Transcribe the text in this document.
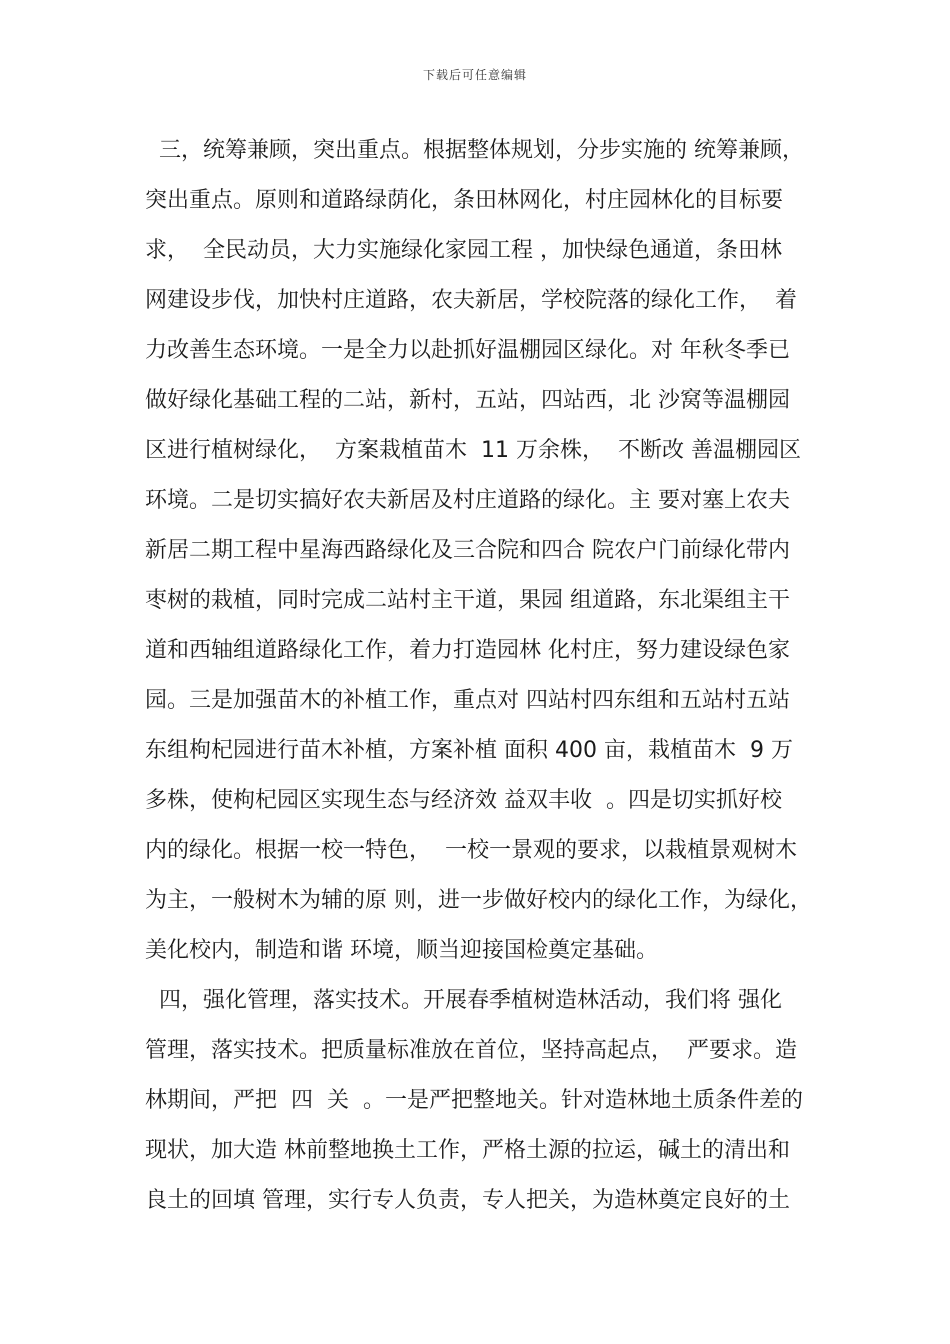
下载后可任意编辑
三，统筹兼顾，突出重点。根据整体规划，分步实施的 统筹兼顾，
突出重点。原则和道路绿荫化，条田林网化，村庄园林化的目标要
求，  全民动员，大力实施绿化家园工程 ，加快绿色通道，条田林
网建设步伐，加快村庄道路，农夫新居，学校院落的绿化工作，  着
力改善生态环境。一是全力以赴抓好温棚园区绿化。对 年秋冬季已
做好绿化基础工程的二站，新村，五站，四站西，北 沙窝等温棚园
区进行植树绿化，  方案栽植苗木  11 万余株，  不断改 善温棚园区
环境。二是切实搞好农夫新居及村庄道路的绿化。主 要对塞上农夫
新居二期工程中星海西路绿化及三合院和四合 院农户门前绿化带内
枣树的栽植，同时完成二站村主干道，果园 组道路，东北渠组主干
道和西轴组道路绿化工作，着力打造园林 化村庄，努力建设绿色家
园。三是加强苗木的补植工作，重点对 四站村四东组和五站村五站
东组枸杞园进行苗木补植，方案补植 面积 400 亩，栽植苗木  9 万
多株，使枸杞园区实现生态与经济效 益双丰收  。四是切实抓好校
内的绿化。根据一校一特色，  一校一景观的要求，以栽植景观树木
为主，一般树木为辅的原 则，进一步做好校内的绿化工作，为绿化，
美化校内，制造和谐 环境，顺当迎接国检奠定基础。
四，强化管理，落实技术。开展春季植树造林活动，我们将 强化
管理，落实技术。把质量标准放在首位，坚持高起点，  严要求。造
林期间，严把  四  关  。一是严把整地关。针对造林地土质条件差的
现状，加大造 林前整地换土工作，严格土源的拉运，碱土的清出和
良土的回填 管理，实行专人负责，专人把关，为造林奠定良好的土
